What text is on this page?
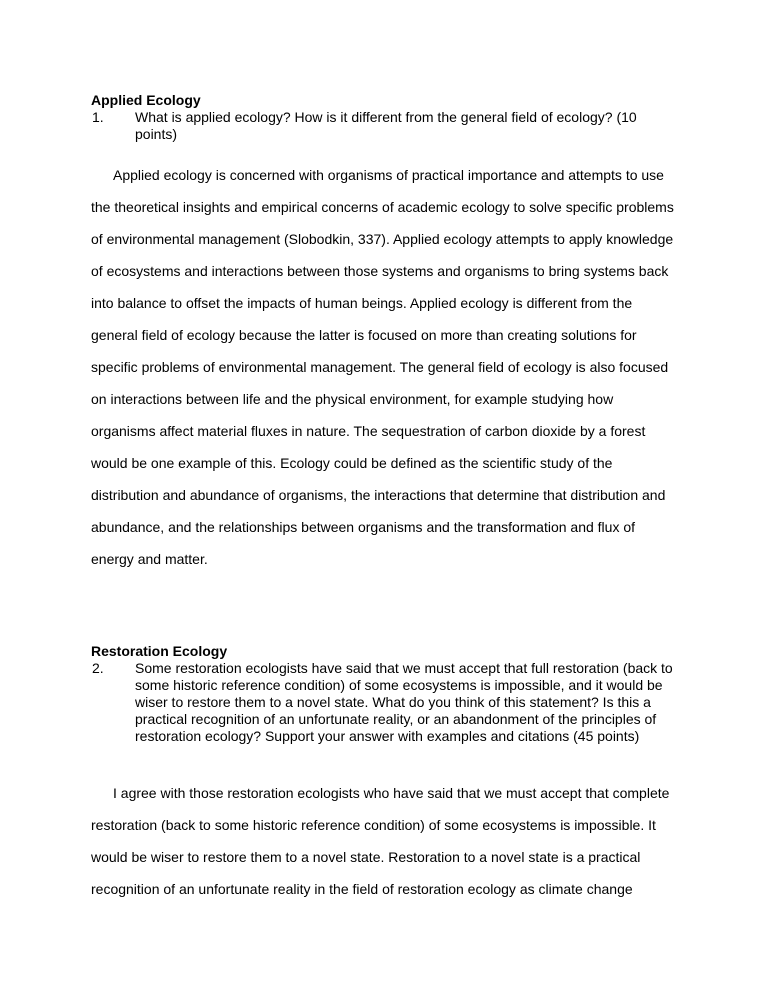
Applied Ecology
1. What is applied ecology? How is it different from the general field of ecology? (10 points)
Applied ecology is concerned with organisms of practical importance and attempts to use
the theoretical insights and empirical concerns of academic ecology to solve specific problems
of environmental management (Slobodkin, 337). Applied ecology attempts to apply knowledge
of ecosystems and interactions between those systems and organisms to bring systems back
into balance to offset the impacts of human beings. Applied ecology is different from the
general field of ecology because the latter is focused on more than creating solutions for
specific problems of environmental management. The general field of ecology is also focused
on interactions between life and the physical environment, for example studying how
organisms affect material fluxes in nature. The sequestration of carbon dioxide by a forest
would be one example of this. Ecology could be defined as the scientific study of the
distribution and abundance of organisms, the interactions that determine that distribution and
abundance, and the relationships between organisms and the transformation and flux of
energy and matter.
Restoration Ecology
2. Some restoration ecologists have said that we must accept that full restoration (back to some historic reference condition) of some ecosystems is impossible, and it would be wiser to restore them to a novel state. What do you think of this statement? Is this a practical recognition of an unfortunate reality, or an abandonment of the principles of restoration ecology? Support your answer with examples and citations (45 points)
I agree with those restoration ecologists who have said that we must accept that complete
restoration (back to some historic reference condition) of some ecosystems is impossible. It
would be wiser to restore them to a novel state. Restoration to a novel state is a practical
recognition of an unfortunate reality in the field of restoration ecology as climate change
